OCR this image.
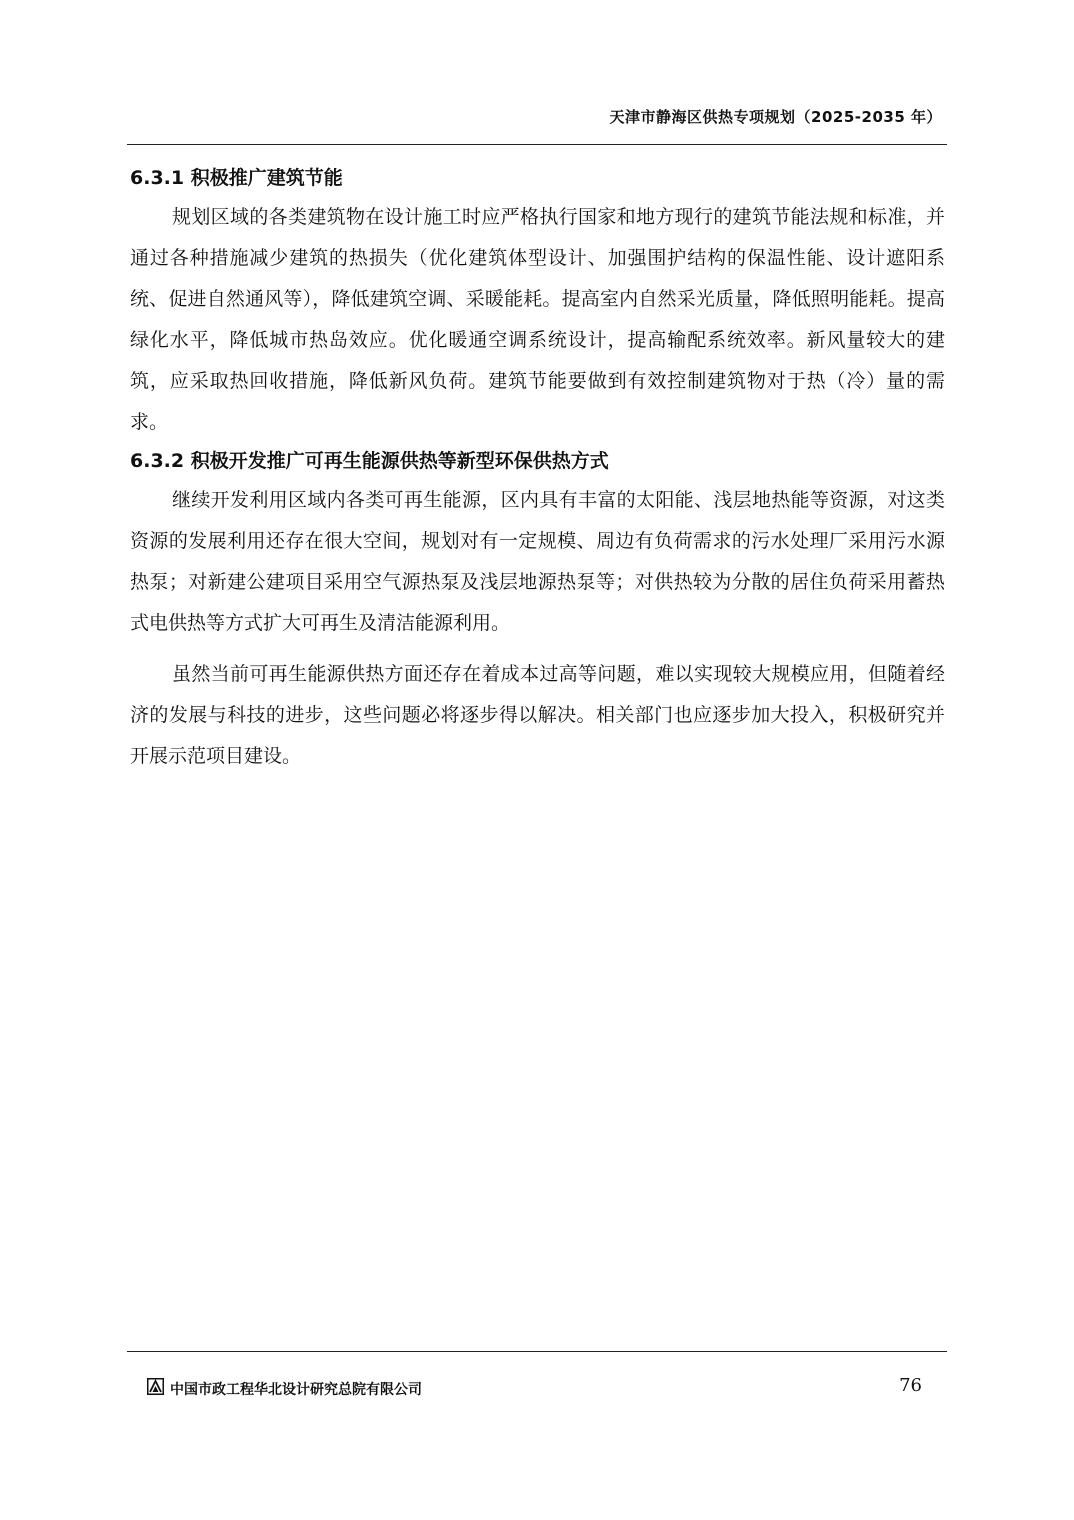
天津市静海区供热专项规划（2025-2035 年）
6.3.1 积极推广建筑节能

规划区域的各类建筑物在设计施工时应严格执行国家和地方现行的建筑节能法规和标准，并通过各种措施减少建筑的热损失（优化建筑体型设计、加强围护结构的保温性能、设计遮阳系统、促进自然通风等），降低建筑空调、采暖能耗。提高室内自然采光质量，降低照明能耗。提高绿化水平，降低城市热岛效应。优化暖通空调系统设计，提高输配系统效率。新风量较大的建筑，应采取热回收措施，降低新风负荷。建筑节能要做到有效控制建筑物对于热（冷）量的需求。

6.3.2 积极开发推广可再生能源供热等新型环保供热方式

继续开发利用区域内各类可再生能源，区内具有丰富的太阳能、浅层地热能等资源，对这类资源的发展利用还存在很大空间，规划对有一定规模、周边有负荷需求的污水处理厂采用污水源热泵；对新建公建项目采用空气源热泵及浅层地源热泵等；对供热较为分散的居住负荷采用蓄热式电供热等方式扩大可再生及清洁能源利用。

虽然当前可再生能源供热方面还存在着成本过高等问题，难以实现较大规模应用，但随着经济的发展与科技的进步，这些问题必将逐步得以解决。相关部门也应逐步加大投入，积极研究并开展示范项目建设。

中国市政工程华北设计研究总院有限公司	76
